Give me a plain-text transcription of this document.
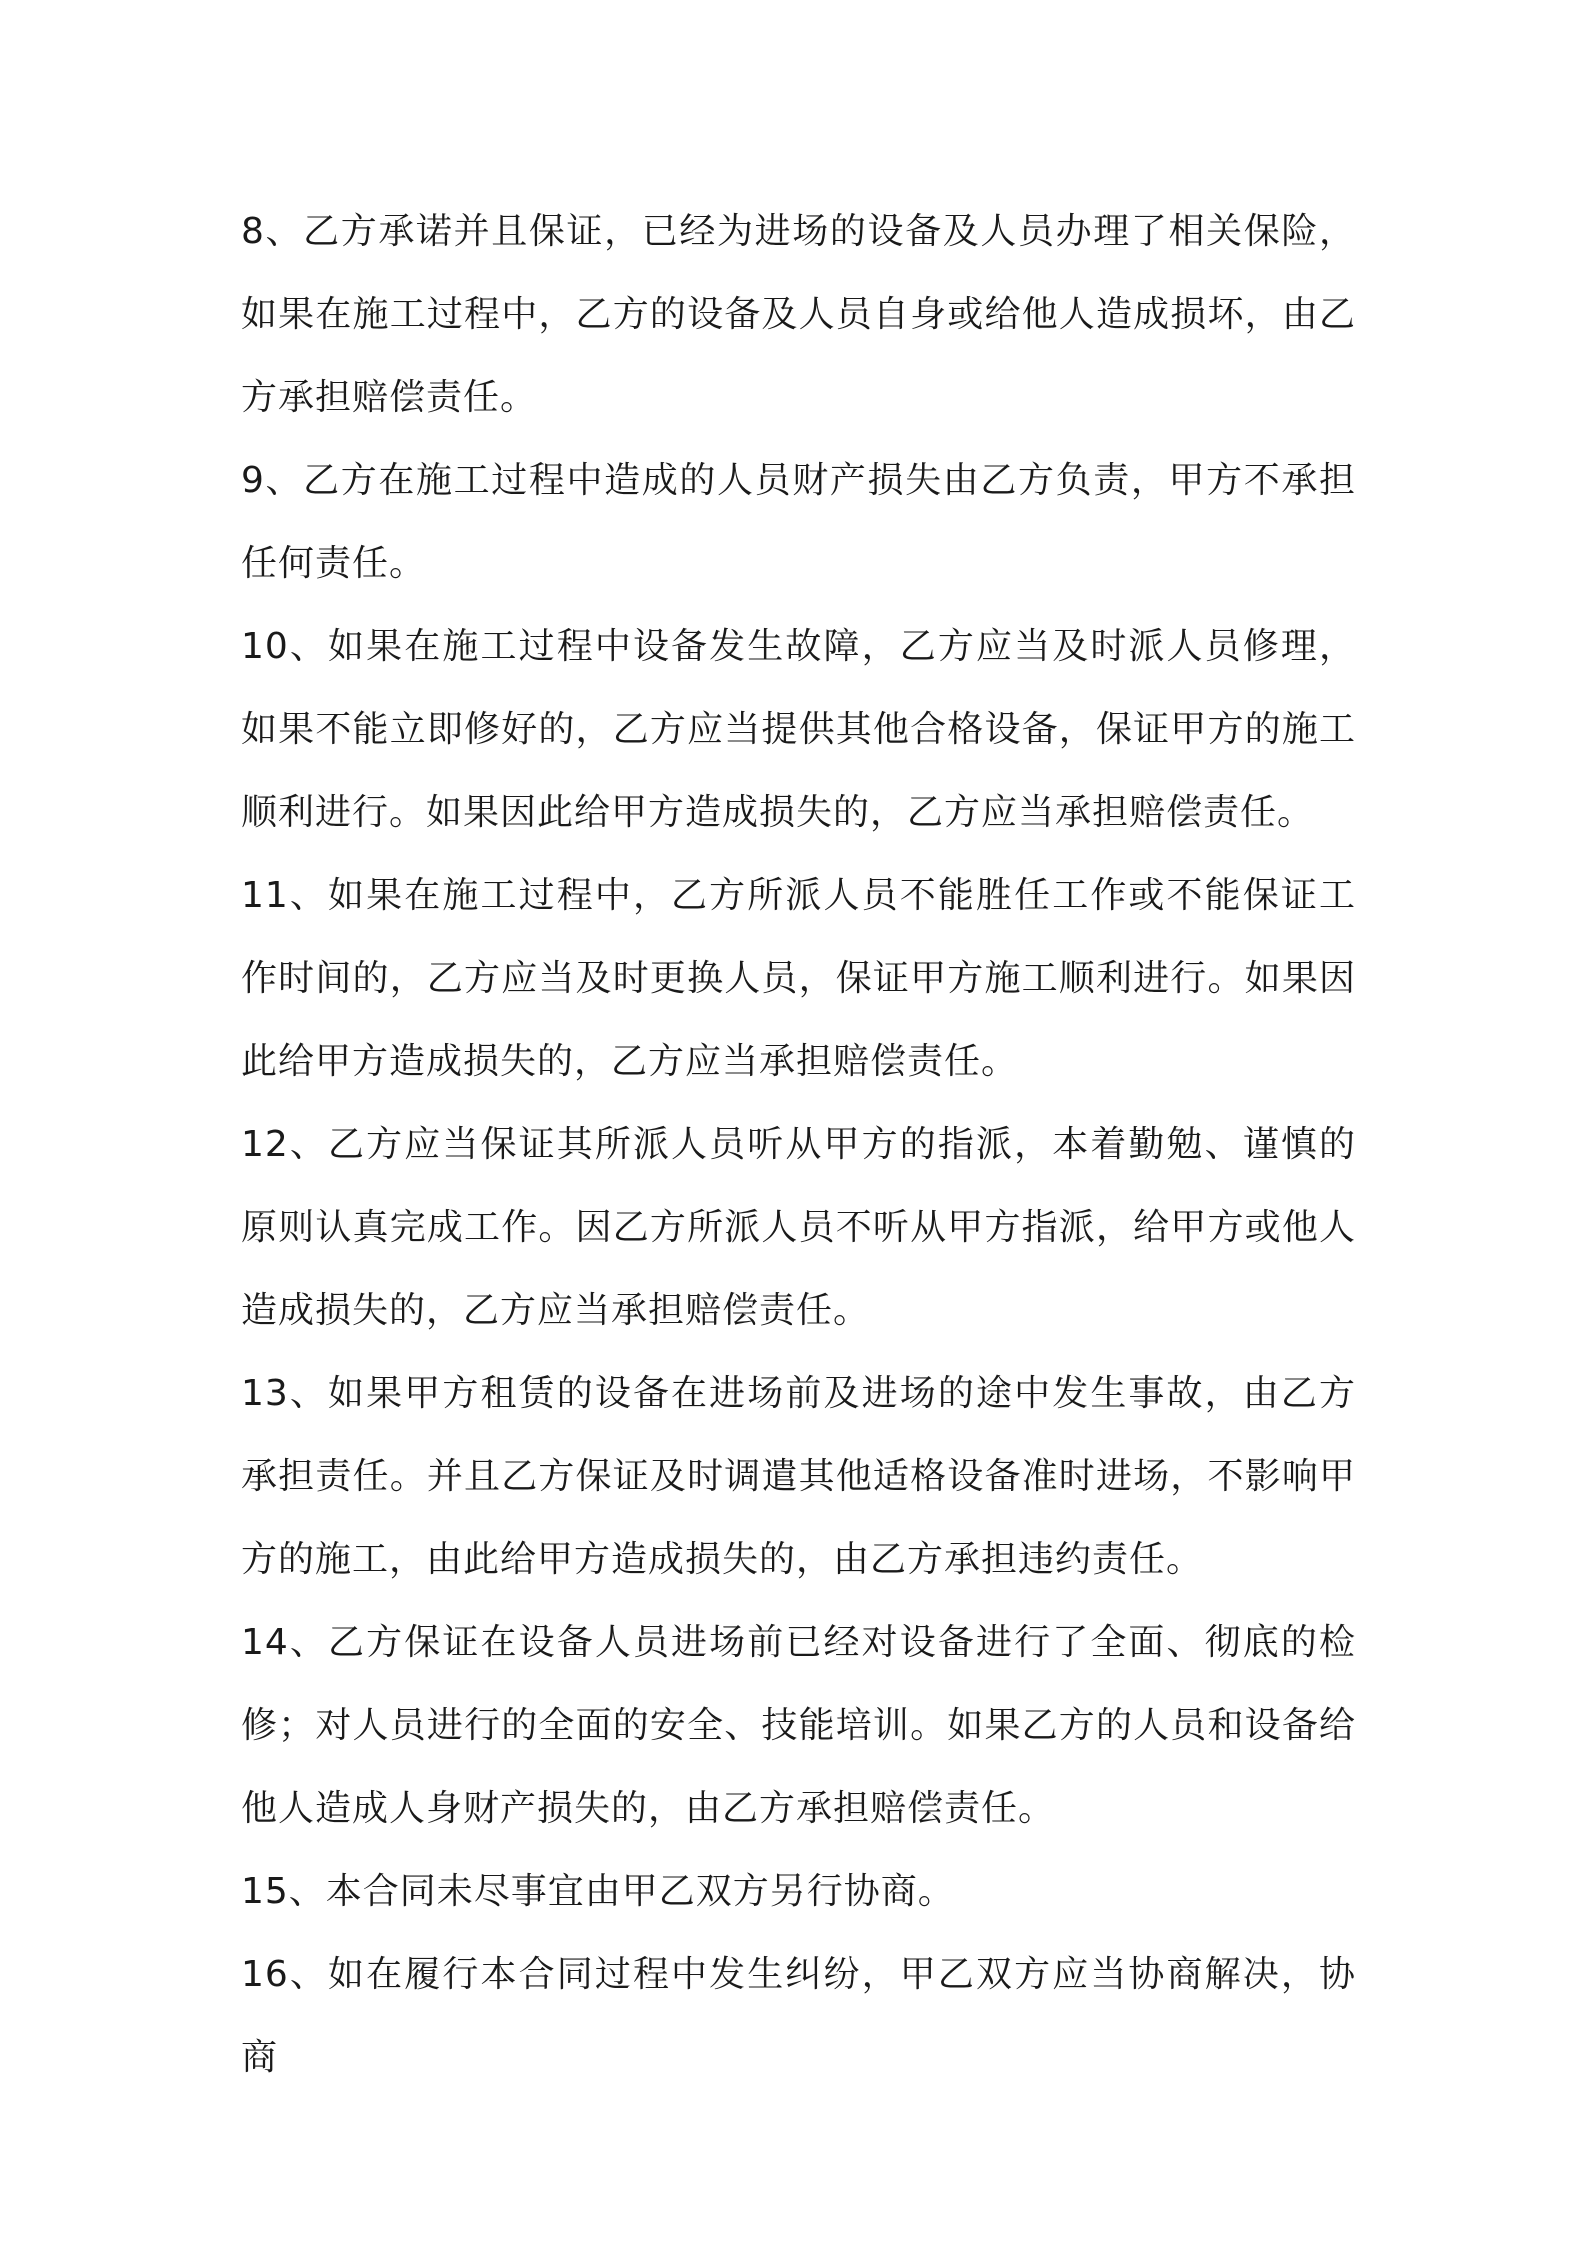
8、乙方承诺并且保证，已经为进场的设备及人员办理了相关保险，如果在施工过程中，乙方的设备及人员自身或给他人造成损坏，由乙方承担赔偿责任。

9、乙方在施工过程中造成的人员财产损失由乙方负责，甲方不承担任何责任。

10、如果在施工过程中设备发生故障，乙方应当及时派人员修理，如果不能立即修好的，乙方应当提供其他合格设备，保证甲方的施工顺利进行。如果因此给甲方造成损失的，乙方应当承担赔偿责任。

11、如果在施工过程中，乙方所派人员不能胜任工作或不能保证工作时间的，乙方应当及时更换人员，保证甲方施工顺利进行。如果因此给甲方造成损失的，乙方应当承担赔偿责任。

12、乙方应当保证其所派人员听从甲方的指派，本着勤勉、谨慎的原则认真完成工作。因乙方所派人员不听从甲方指派，给甲方或他人造成损失的，乙方应当承担赔偿责任。

13、如果甲方租赁的设备在进场前及进场的途中发生事故，由乙方承担责任。并且乙方保证及时调遣其他适格设备准时进场，不影响甲方的施工，由此给甲方造成损失的，由乙方承担违约责任。

14、乙方保证在设备人员进场前已经对设备进行了全面、彻底的检修；对人员进行的全面的安全、技能培训。如果乙方的人员和设备给他人造成人身财产损失的，由乙方承担赔偿责任。

15、本合同未尽事宜由甲乙双方另行协商。

16、如在履行本合同过程中发生纠纷，甲乙双方应当协商解决，协商
